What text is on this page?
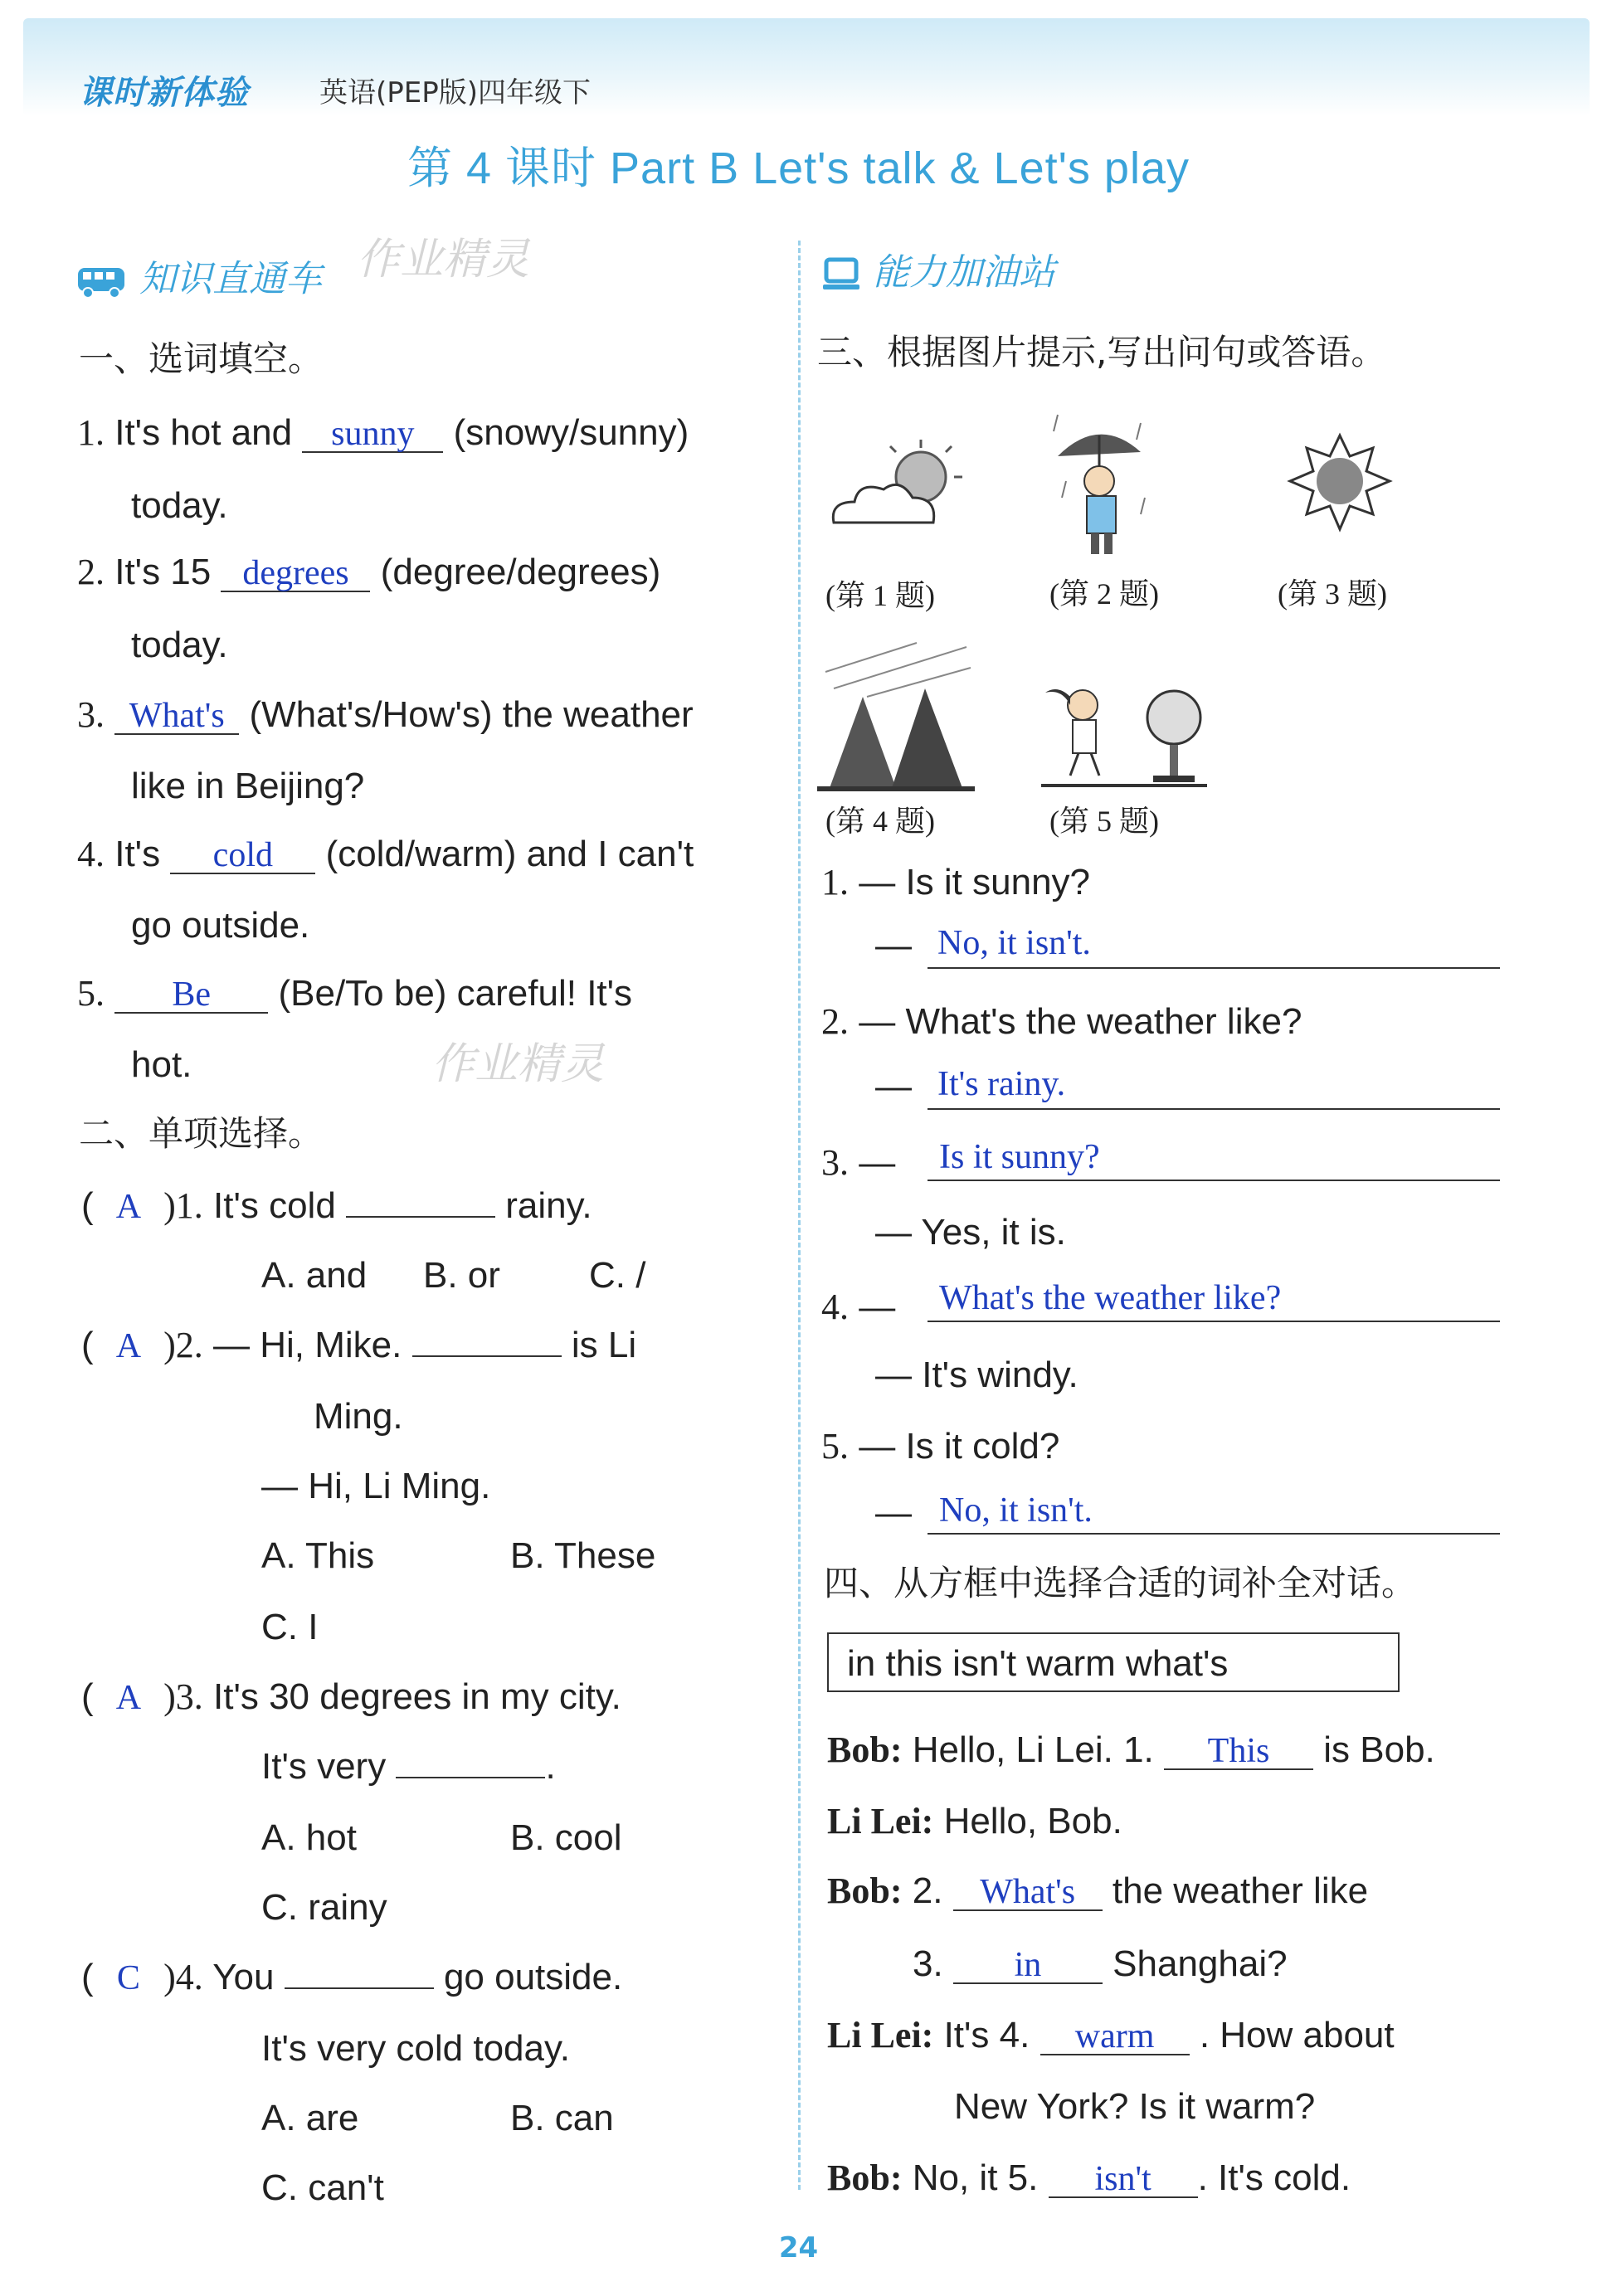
课时新体验	英语(PEP版)四年级下
第 4 课时 Part B Let's talk & Let's play
知识直通车 作业精灵	能力加油站
作业精灵
一、选词填空。
1. It's hot and sunny (snowy/sunny)
today.
2. It's 15 degrees (degree/degrees)
today.
3. What's (What's/How's) the weather
like in Beijing?
4. It's cold (cold/warm) and I can't
go outside.
5. Be (Be/To be) careful! It's
hot.
二、单项选择。
( A )1. It's cold	rainy.
A. and B. or C. /
( A )2. — Hi, Mike.	is Li
Ming.
— Hi, Li Ming.
A. This	B. These
C. I
( A )3. It's 30 degrees in my city.
It's very	.
A. hot	B. cool
C. rainy
( C )4. You	go outside.
It's very cold today.
A. are	B. can
C. can't
三、根据图片提示,写出问句或答语。
(第 1 题)	(第 2 题)	(第 3 题)
(第 4 题)	(第 5 题)
1. — Is it sunny?
— No, it isn't.
2. — What's the weather like?
— It's rainy.
3. — Is it sunny?
— Yes, it is.
4. — What's the weather like?
— It's windy.
5. — Is it cold?
— No, it isn't.
四、从方框中选择合适的词补全对话。
in this isn't warm what's
Bob: Hello, Li Lei. 1. This is Bob.
Li Lei: Hello, Bob.
Bob: 2. What's the weather like
3. in Shanghai?
Li Lei: It's 4. warm . How about
New York? Is it warm?
Bob: No, it 5. isn't . It's cold.
24
